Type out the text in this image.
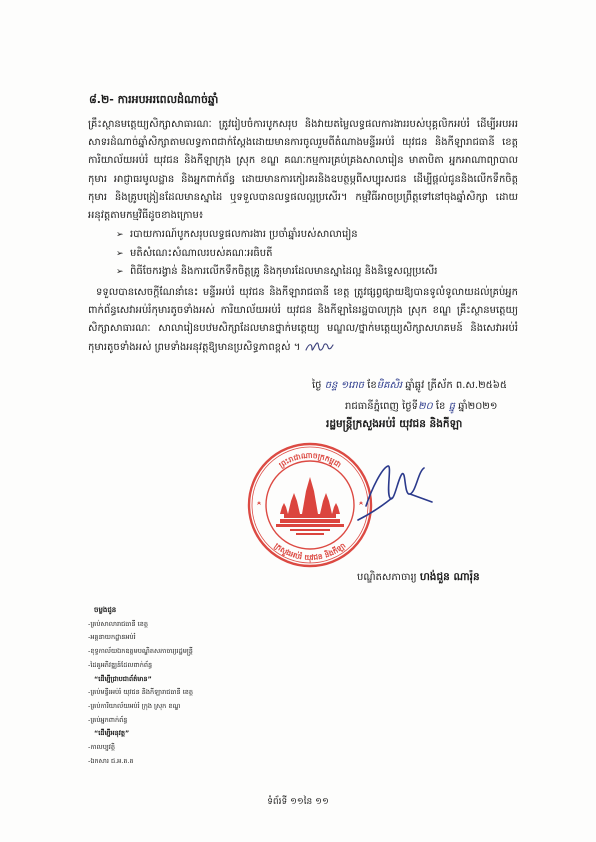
៨.២- ការអបអរពេលដំណាច់ឆ្នាំ

គ្រឹះស្ថានមត្តេយ្យសិក្សាសាធារណៈ ត្រូវរៀបចំការបូកសរុប និងវាយតម្លៃលទ្ធផលការងាររបស់បុគ្គលិកអប់រំ ដើម្បីអបអរសាទរដំណាច់ឆ្នាំសិក្សាតាមលទ្ធភាពជាក់ស្តែងដោយមានការចូលរួមពីតំណាងមន្ទីរអប់រំ យុវជន និងកីឡារាជធានី ខេត្ត ការិយាល័យអប់រំ យុវជន និងកីឡាក្រុង ស្រុក ខណ្ឌ គណៈកម្មការគ្រប់គ្រងសាលារៀន មាតាបិតា អ្នកអាណាព្យាបាលកុមារ អាជ្ញាធរមូលដ្ឋាន និងអ្នកពាក់ព័ន្ធ ដោយមានការកៀរគរនិងឧបត្ថម្ភពីសប្បុរសជន ដើម្បីផ្តល់ជូននិងលើកទឹកចិត្តកុមារ និងគ្រូបង្រៀនដែលមានស្នាដៃ ឬទទួលបានលទ្ធផលល្អប្រសើរ។ កម្មវិធីអាចប្រព្រឹត្តទៅនៅចុងឆ្នាំសិក្សា ដោយអនុវត្តតាមកម្មវិធីដូចខាងក្រោម៖

➢របាយការណ៍បូកសរុបលទ្ធផលការងារ ប្រចាំឆ្នាំរបស់សាលារៀន
➢មតិសំណេះសំណាលរបស់គណៈអធិបតី
➢ពិធីចែករង្វាន់ និងការលើកទឹកចិត្តគ្រូ និងកុមារដែលមានស្នាដៃល្អ និងនិទ្ទេសល្អប្រសើរ

ទទួលបានសេចក្តីណែនាំនេះ មន្ទីរអប់រំ យុវជន និងកីឡារាជធានី ខេត្ត ត្រូវផ្សព្វផ្សាយឱ្យបានទូលំទូលាយដល់គ្រប់អ្នកពាក់ព័ន្ធសេវាអប់រំកុមារតូចទាំងអស់ ការិយាល័យអប់រំ យុវជន និងកីឡានៃរដ្ឋបាលក្រុង ស្រុក ខណ្ឌ គ្រឹះស្ថានមត្តេយ្យសិក្សាសាធារណៈ សាលារៀនបឋមសិក្សាដែលមានថ្នាក់មត្តេយ្យ មណ្ឌល/ថ្នាក់មត្តេយ្យសិក្សាសហគមន៍ និងសេវាអប់រំកុមារតូចទាំងអស់ ព្រមទាំងអនុវត្តឱ្យមានប្រសិទ្ធភាពខ្ពស់ ។

ថ្ងៃ ចន្ទ ១រោច ខែមិគសិរ ឆ្នាំឆ្លូវ ត្រីស័ក ព.ស.២៥៦៥
រាជធានីភ្នំពេញ ថ្ងៃទី២០ ខែ ធ្នូ ឆ្នាំ២០២១
រដ្ឋមន្ត្រីក្រសួងអប់រំ យុវជន និងកីឡា
ព្រះរាជាណាចក្រកម្ពុជា
ក្រសួងអប់រំ យុវជន និងកីឡា
បណ្ឌិតសភាចារ្យ ហង់ជួន ណារ៉ុន
ចម្លងជូន
-គ្រប់សាលារាជធានី ខេត្ត
-អគ្គនាយកដ្ឋានអប់រំ
-ខុទ្ទកាល័យឯកឧត្តមបណ្ឌិតសភាចារ្យរដ្ឋមន្ត្រី
-ដៃគូអភិវឌ្ឍន៍ដែលពាក់ព័ន្ធ
“ដើម្បីជ្រាបជាព័ត៌មាន”
-គ្រប់មន្ទីរអប់រំ យុវជន និងកីឡារាជធានី ខេត្ត
-គ្រប់ការិយាល័យអប់រំ ក្រុង ស្រុក ខណ្ឌ
-គ្រប់អ្នកពាក់ព័ន្ធ
“ដើម្បីអនុវត្ត”
-កាលប្បវត្តិ
-ឯកសារ ជ.អ.ត.ត
ទំព័រទី ១១នៃ ១១
